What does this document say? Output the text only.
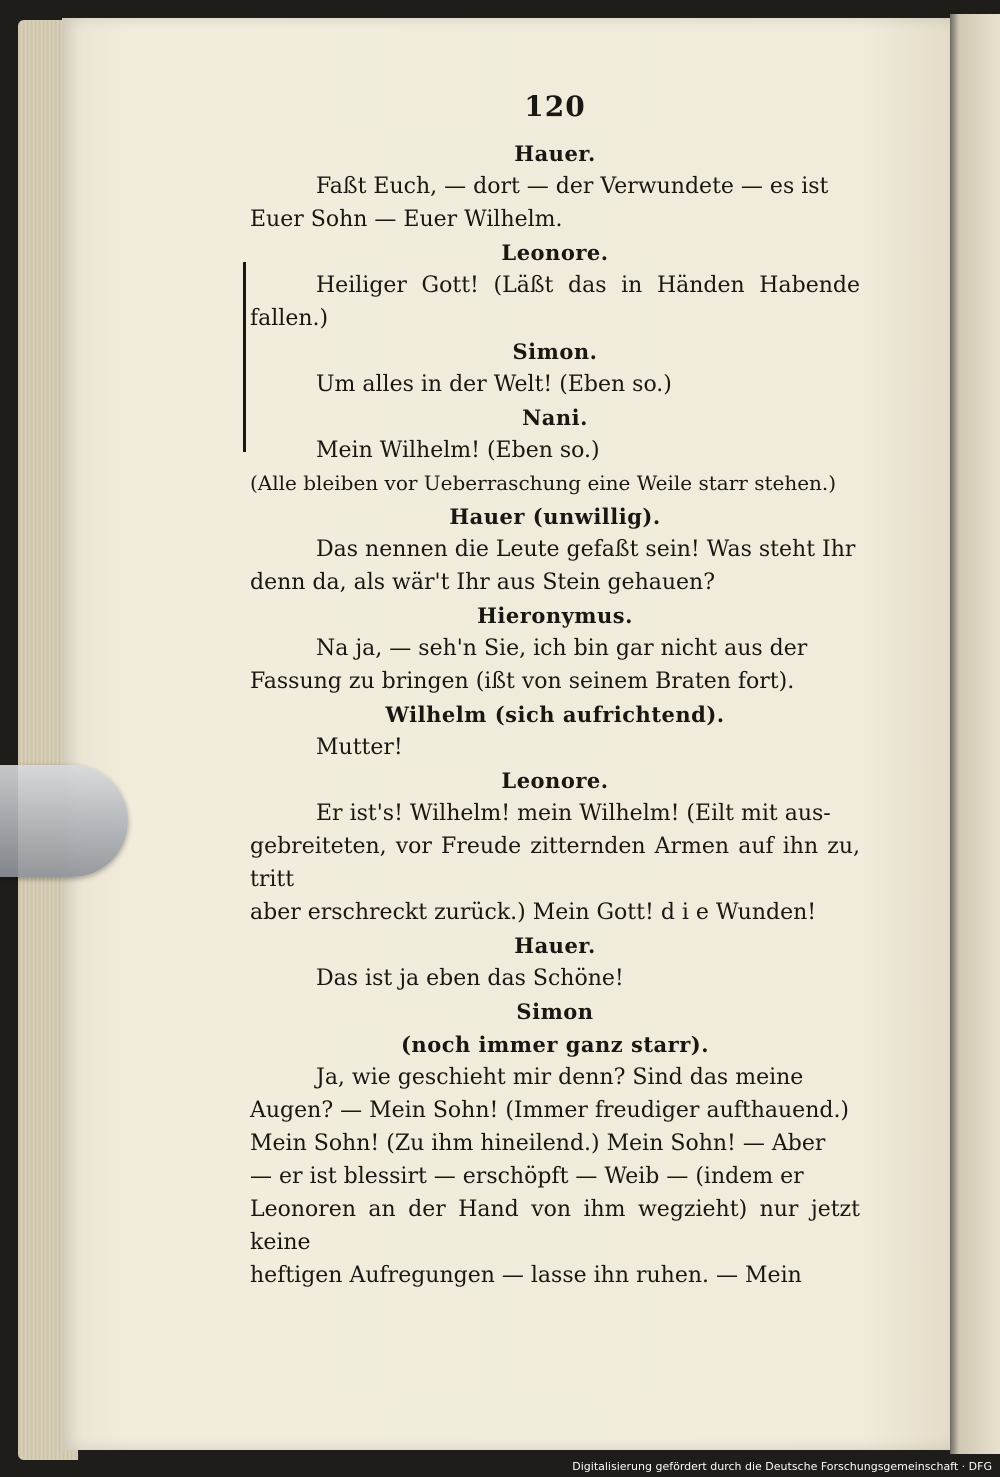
120
Hauer.
Faßt Euch, — dort — der Verwundete — es ist
Euer Sohn — Euer Wilhelm.
Leonore.
Heiliger Gott! (Läßt das in Händen Habende fallen.)
Simon.
Um alles in der Welt! (Eben so.)
Nani.
Mein Wilhelm! (Eben so.)
(Alle bleiben vor Ueberraschung eine Weile starr stehen.)
Hauer (unwillig).
Das nennen die Leute gefaßt sein! Was steht Ihr
denn da, als wär't Ihr aus Stein gehauen?
Hieronymus.
Na ja, — seh'n Sie, ich bin gar nicht aus der
Fassung zu bringen (ißt von seinem Braten fort).
Wilhelm (sich aufrichtend).
Mutter!
Leonore.
Er ist's! Wilhelm! mein Wilhelm! (Eilt mit aus-
gebreiteten, vor Freude zitternden Armen auf ihn zu, tritt
aber erschreckt zurück.) Mein Gott! d i e Wunden!
Hauer.
Das ist ja eben das Schöne!
Simon
(noch immer ganz starr).
Ja, wie geschieht mir denn? Sind das meine
Augen? — Mein Sohn! (Immer freudiger aufthauend.)
Mein Sohn! (Zu ihm hineilend.) Mein Sohn! — Aber
— er ist blessirt — erschöpft — Weib — (indem er
Leonoren an der Hand von ihm wegzieht) nur jetzt keine
heftigen Aufregungen — lasse ihn ruhen. — Mein
Digitalisierung gefördert durch die Deutsche Forschungsgemeinschaft · DFG
